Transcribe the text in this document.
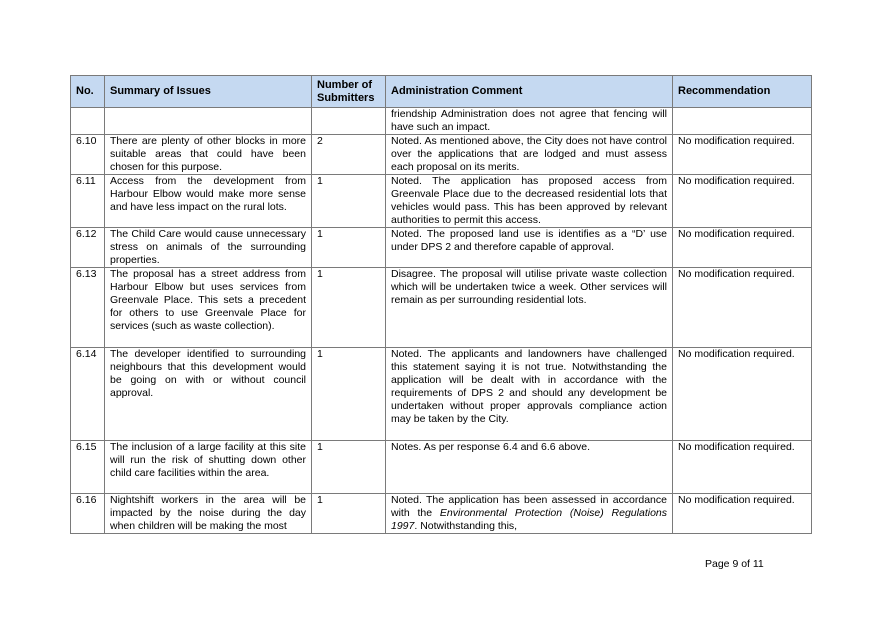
No.	Summary of Issues	Number of Submitters	Administration Comment	Recommendation
			friendship Administration does not agree that fencing will have such an impact.	
6.10	There are plenty of other blocks in more suitable areas that could have been chosen for this purpose.	2	Noted. As mentioned above, the City does not have control over the applications that are lodged and must assess each proposal on its merits.	No modification required.
6.11	Access from the development from Harbour Elbow would make more sense and have less impact on the rural lots.	1	Noted. The application has proposed access from Greenvale Place due to the decreased residential lots that vehicles would pass. This has been approved by relevant authorities to permit this access.	No modification required.
6.12	The Child Care would cause unnecessary stress on animals of the surrounding properties.	1	Noted. The proposed land use is identifies as a “D’ use under DPS 2 and therefore capable of approval.	No modification required.
6.13	The proposal has a street address from Harbour Elbow but uses services from Greenvale Place. This sets a precedent for others to use Greenvale Place for services (such as waste collection).	1	Disagree. The proposal will utilise private waste collection which will be undertaken twice a week. Other services will remain as per surrounding residential lots.	No modification required.
6.14	The developer identified to surrounding neighbours that this development would be going on with or without council approval.	1	Noted. The applicants and landowners have challenged this statement saying it is not true. Notwithstanding the application will be dealt with in accordance with the requirements of DPS 2 and should any development be undertaken without proper approvals compliance action may be taken by the City.	No modification required.
6.15	The inclusion of a large facility at this site will run the risk of shutting down other child care facilities within the area.	1	Notes. As per response 6.4 and 6.6 above.	No modification required.
6.16	Nightshift workers in the area will be impacted by the noise during the day when children will be making the most	1	Noted. The application has been assessed in accordance with the Environmental Protection (Noise) Regulations 1997. Notwithstanding this,	No modification required.
Page 9 of 11
